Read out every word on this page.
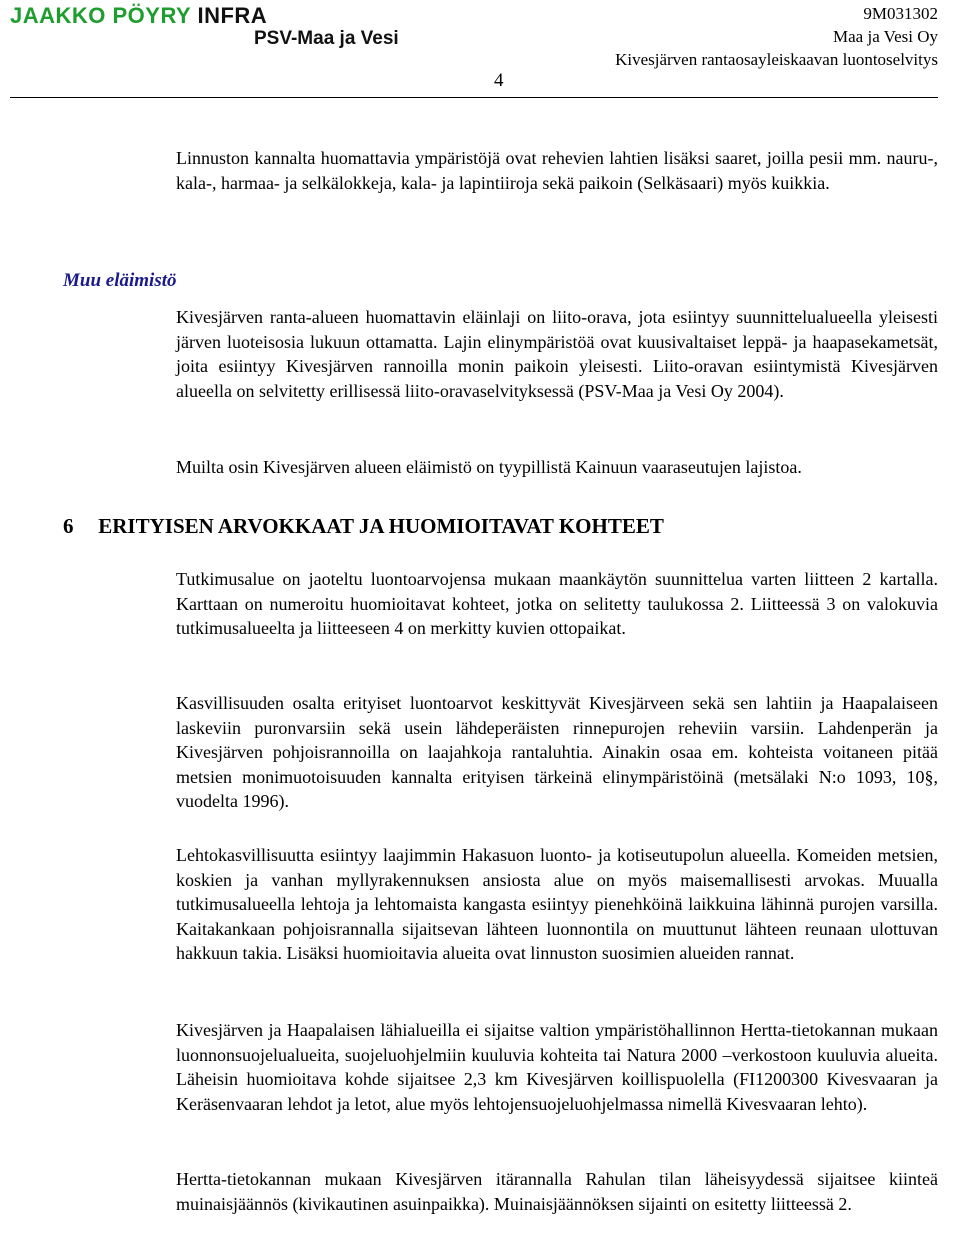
JAAKKO PÖYRY INFRA
PSV-Maa ja Vesi
9M031302
Maa ja Vesi Oy
Kivesjärven rantaosayleiskaavan luontoselvitys
4

Linnuston kannalta huomattavia ympäristöjä ovat rehevien lahtien lisäksi saaret, joilla pesii mm. nauru-, kala-, harmaa- ja selkälokkeja, kala- ja lapintiiroja sekä paikoin (Selkäsaari) myös kuikkia.

Muu eläimistö

Kivesjärven ranta-alueen huomattavin eläinlaji on liito-orava, jota esiintyy suunnittelualueella yleisesti järven luoteisosia lukuun ottamatta. Lajin elinympäristöä ovat kuusivaltaiset leppä- ja haapasekametsät, joita esiintyy Kivesjärven rannoilla monin paikoin yleisesti. Liito-oravan esiintymistä Kivesjärven alueella on selvitetty erillisessä liito-oravaselvityksessä (PSV-Maa ja Vesi Oy 2004).

Muilta osin Kivesjärven alueen eläimistö on tyypillistä Kainuun vaaraseutujen lajistoa.

6 ERITYISEN ARVOKKAAT JA HUOMIOITAVAT KOHTEET

Tutkimusalue on jaoteltu luontoarvojensa mukaan maankäytön suunnittelua varten liitteen 2 kartalla. Karttaan on numeroitu huomioitavat kohteet, jotka on selitetty taulukossa 2. Liitteessä 3 on valokuvia tutkimusalueelta ja liitteeseen 4 on merkitty kuvien ottopaikat.

Kasvillisuuden osalta erityiset luontoarvot keskittyvät Kivesjärveen sekä sen lahtiin ja Haapalaiseen laskeviin puronvarsiin sekä usein lähdeperäisten rinnepurojen reheviin varsiin. Lahdenperän ja Kivesjärven pohjoisrannoilla on laajahkoja rantaluhtia. Ainakin osaa em. kohteista voitaneen pitää metsien monimuotoisuuden kannalta erityisen tärkeinä elinympäristöinä (metsälaki N:o 1093, 10§, vuodelta 1996).

Lehtokasvillisuutta esiintyy laajimmin Hakasuon luonto- ja kotiseutupolun alueella. Komeiden metsien, koskien ja vanhan myllyrakennuksen ansiosta alue on myös maisemallisesti arvokas. Muualla tutkimusalueella lehtoja ja lehtomaista kangasta esiintyy pienehköinä laikkuina lähinnä purojen varsilla. Kaitakankaan pohjoisrannalla sijaitsevan lähteen luonnontila on muuttunut lähteen reunaan ulottuvan hakkuun takia. Lisäksi huomioitavia alueita ovat linnuston suosimien alueiden rannat.

Kivesjärven ja Haapalaisen lähialueilla ei sijaitse valtion ympäristöhallinnon Hertta-tietokannan mukaan luonnonsuojelualueita, suojeluohjelmiin kuuluvia kohteita tai Natura 2000 –verkostoon kuuluvia alueita. Läheisin huomioitava kohde sijaitsee 2,3 km Kivesjärven koillispuolella (FI1200300 Kivesvaaran ja Keräsenvaaran lehdot ja letot, alue myös lehtojensuojeluohjelmassa nimellä Kivesvaaran lehto).

Hertta-tietokannan mukaan Kivesjärven itärannalla Rahulan tilan läheisyydessä sijaitsee kiinteä muinaisjäännös (kivikautinen asuinpaikka). Muinaisjäännöksen sijainti on esitetty liitteessä 2.
